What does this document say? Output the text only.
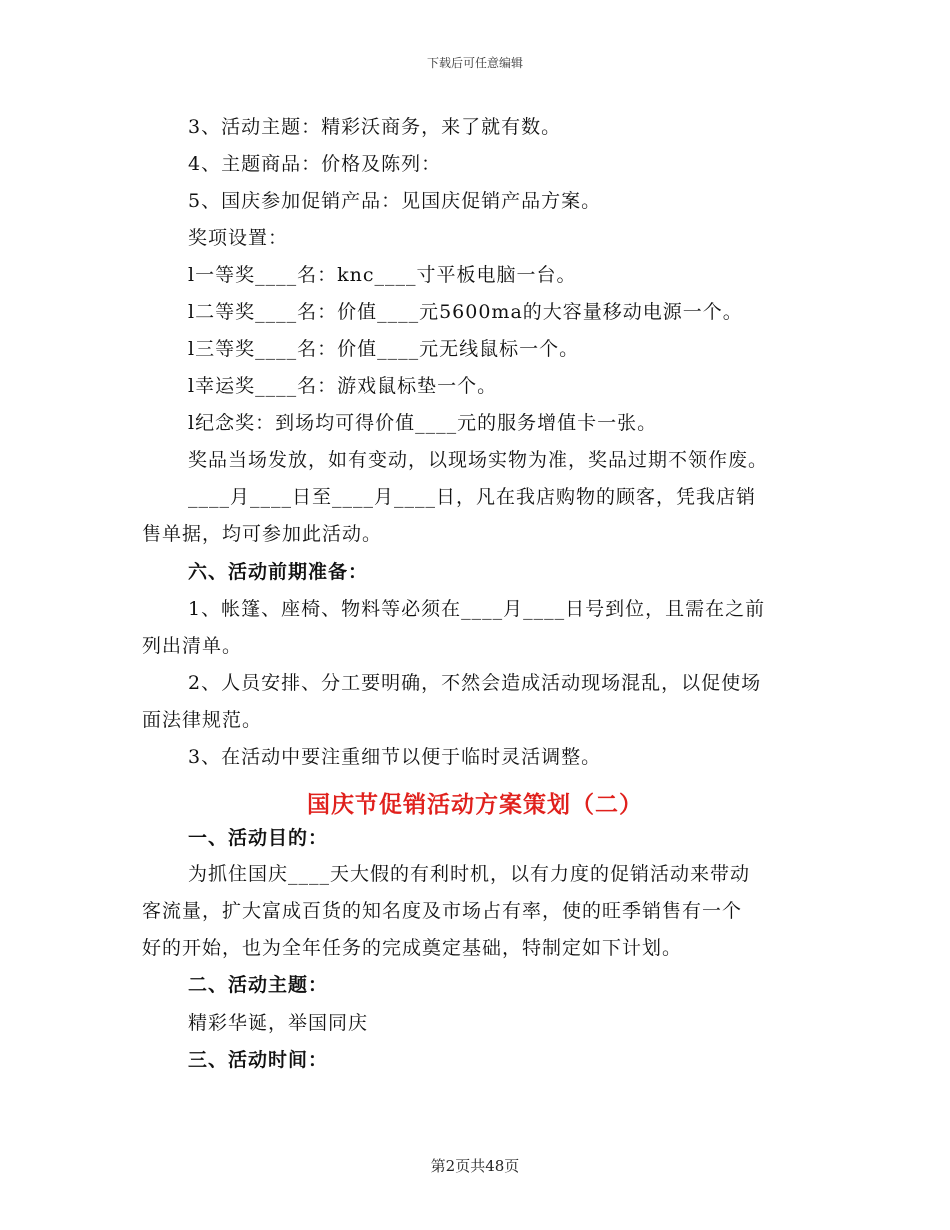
下载后可任意编辑
3、活动主题：精彩沃商务，来了就有数。
4、主题商品：价格及陈列：
5、国庆参加促销产品：见国庆促销产品方案。
奖项设置：
l一等奖____名：knc____寸平板电脑一台。
l二等奖____名：价值____元5600ma的大容量移动电源一个。
l三等奖____名：价值____元无线鼠标一个。
l幸运奖____名：游戏鼠标垫一个。
l纪念奖：到场均可得价值____元的服务增值卡一张。
奖品当场发放，如有变动，以现场实物为准，奖品过期不领作废。
____月____日至____月____日，凡在我店购物的顾客，凭我店销
售单据，均可参加此活动。
六、活动前期准备：
1、帐篷、座椅、物料等必须在____月____日号到位，且需在之前
列出清单。
2、人员安排、分工要明确，不然会造成活动现场混乱，以促使场
面法律规范。
3、在活动中要注重细节以便于临时灵活调整。
国庆节促销活动方案策划（二）
一、活动目的：
为抓住国庆____天大假的有利时机，以有力度的促销活动来带动
客流量，扩大富成百货的知名度及市场占有率，使的旺季销售有一个
好的开始，也为全年任务的完成奠定基础，特制定如下计划。
二、活动主题：
精彩华诞，举国同庆
三、活动时间：
第2页共48页
